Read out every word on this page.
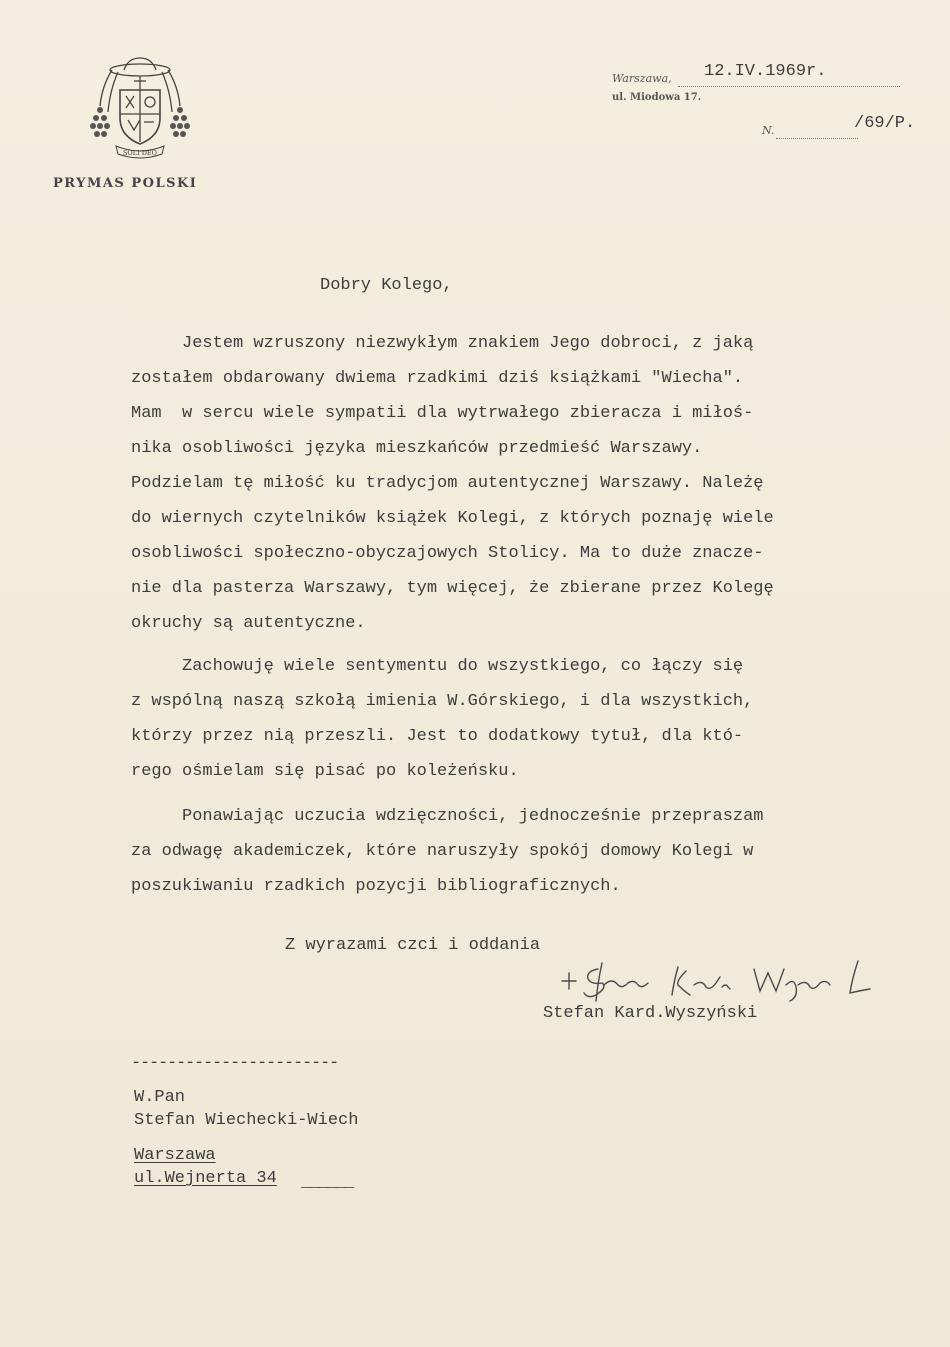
SOLI DEO
PRYMAS POLSKI
Warszawa, 12.IV.1969r.
ul. Miodowa 17.
N.	/69/P.
Dobry Kolego,
Jestem wzruszony niezwykłym znakiem Jego dobroci, z jaką
zostałem obdarowany dwiema rzadkimi dziś książkami "Wiecha".
Mam  w sercu wiele sympatii dla wytrwałego zbieracza i miłoś-
nika osobliwości języka mieszkańców przedmieść Warszawy.
Podzielam tę miłość ku tradycjom autentycznej Warszawy. Należę
do wiernych czytelników książek Kolegi, z których poznaję wiele
osobliwości społeczno-obyczajowych Stolicy. Ma to duże znacze-
nie dla pasterza Warszawy, tym więcej, że zbierane przez Kolegę
okruchy są autentyczne.
Zachowuję wiele sentymentu do wszystkiego, co łączy się
z wspólną naszą szkołą imienia W.Górskiego, i dla wszystkich,
którzy przez nią przeszli. Jest to dodatkowy tytuł, dla któ-
rego ośmielam się pisać po koleżeńsku.
Ponawiając uczucia wdzięczności, jednocześnie przepraszam
za odwagę akademiczek, które naruszyły spokój domowy Kolegi w
poszukiwaniu rzadkich pozycji bibliograficznych.
Z wyrazami czci i oddania
Stefan Kard.Wyszyński
-----------------------
W.Pan
Stefan Wiechecki-Wiech
Warszawa
ul.Wejnerta 34 ______
